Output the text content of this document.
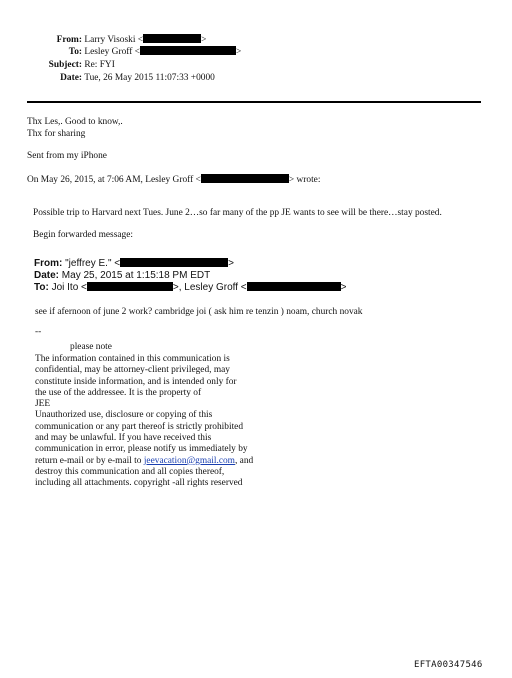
From: Larry Visoski <	>
To: Lesley Groff <	>
Subject: Re: FYI
Date: Tue, 26 May 2015 11:07:33 +0000
Thx Les,. Good to know,.
Thx for sharing
Sent from my iPhone
On May 26, 2015, at 7:06 AM, Lesley Groff <	> wrote:
Possible trip to Harvard next Tues. June 2…so far many of the pp JE wants to see will be there…stay posted.
Begin forwarded message:
From: "jeffrey E." <	>
Date: May 25, 2015 at 1:15:18 PM EDT
To: Joi Ito <	>, Lesley Groff <	>
see if afernoon of june 2 work? cambridge joi ( ask him re tenzin ) noam, church novak
--
please note
The information contained in this communication is
confidential, may be attorney-client privileged, may
constitute inside information, and is intended only for
the use of the addressee. It is the property of
JEE
Unauthorized use, disclosure or copying of this
communication or any part thereof is strictly prohibited
and may be unlawful. If you have received this
communication in error, please notify us immediately by
return e-mail or by e-mail to jeevacation@gmail.com, and
destroy this communication and all copies thereof,
including all attachments. copyright -all rights reserved
EFTA00347546
